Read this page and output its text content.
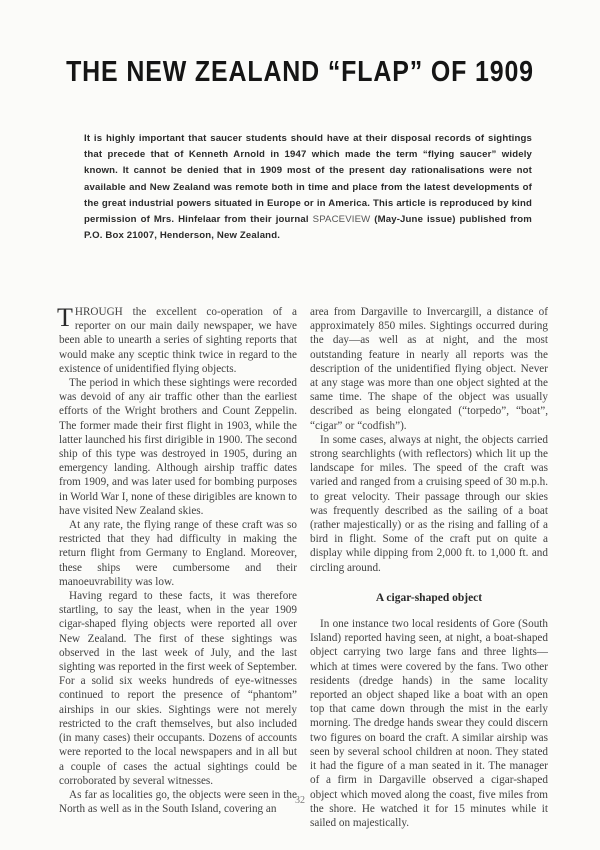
THE NEW ZEALAND “FLAP” OF 1909
It is highly important that saucer students should have at their disposal records of sightings that precede that of Kenneth Arnold in 1947 which made the term “flying saucer” widely known. It cannot be denied that in 1909 most of the present day rationalisations were not available and New Zealand was remote both in time and place from the latest developments of the great industrial powers situated in Europe or in America. This article is reproduced by kind permission of Mrs. Hinfelaar from their journal SPACEVIEW (May-June issue) published from P.O. Box 21007, Henderson, New Zealand.

THROUGH the excellent co-operation of a reporter on our main daily newspaper, we have been able to unearth a series of sighting reports that would make any sceptic think twice in regard to the existence of unidentified flying objects.

The period in which these sightings were recorded was devoid of any air traffic other than the earliest efforts of the Wright brothers and Count Zeppelin. The former made their first flight in 1903, while the latter launched his first dirigible in 1900. The second ship of this type was destroyed in 1905, during an emergency landing. Although airship traffic dates from 1909, and was later used for bombing purposes in World War I, none of these dirigibles are known to have visited New Zealand skies.

At any rate, the flying range of these craft was so restricted that they had difficulty in making the return flight from Germany to England. Moreover, these ships were cumbersome and their manoeuvrability was low.

Having regard to these facts, it was therefore startling, to say the least, when in the year 1909 cigar-shaped flying objects were reported all over New Zealand. The first of these sightings was observed in the last week of July, and the last sighting was reported in the first week of September. For a solid six weeks hundreds of eye-witnesses continued to report the presence of “phantom” airships in our skies. Sightings were not merely restricted to the craft themselves, but also included (in many cases) their occupants. Dozens of accounts were reported to the local newspapers and in all but a couple of cases the actual sightings could be corroborated by several witnesses.

As far as localities go, the objects were seen in the North as well as in the South Island, covering an

area from Dargaville to Invercargill, a distance of approximately 850 miles. Sightings occurred during the day—as well as at night, and the most outstanding feature in nearly all reports was the description of the unidentified flying object. Never at any stage was more than one object sighted at the same time. The shape of the object was usually described as being elongated (“torpedo”, “boat”, “cigar” or “codfish”).

In some cases, always at night, the objects carried strong searchlights (with reflectors) which lit up the landscape for miles. The speed of the craft was varied and ranged from a cruising speed of 30 m.p.h. to great velocity. Their passage through our skies was frequently described as the sailing of a boat (rather majestically) or as the rising and falling of a bird in flight. Some of the craft put on quite a display while dipping from 2,000 ft. to 1,000 ft. and circling around.

A cigar-shaped object

In one instance two local residents of Gore (South Island) reported having seen, at night, a boat-shaped object carrying two large fans and three lights—which at times were covered by the fans. Two other residents (dredge hands) in the same locality reported an object shaped like a boat with an open top that came down through the mist in the early morning. The dredge hands swear they could discern two figures on board the craft. A similar airship was seen by several school children at noon. They stated it had the figure of a man seated in it. The manager of a firm in Dargaville observed a cigar-shaped object which moved along the coast, five miles from the shore. He watched it for 15 minutes while it sailed on majestically.

32
